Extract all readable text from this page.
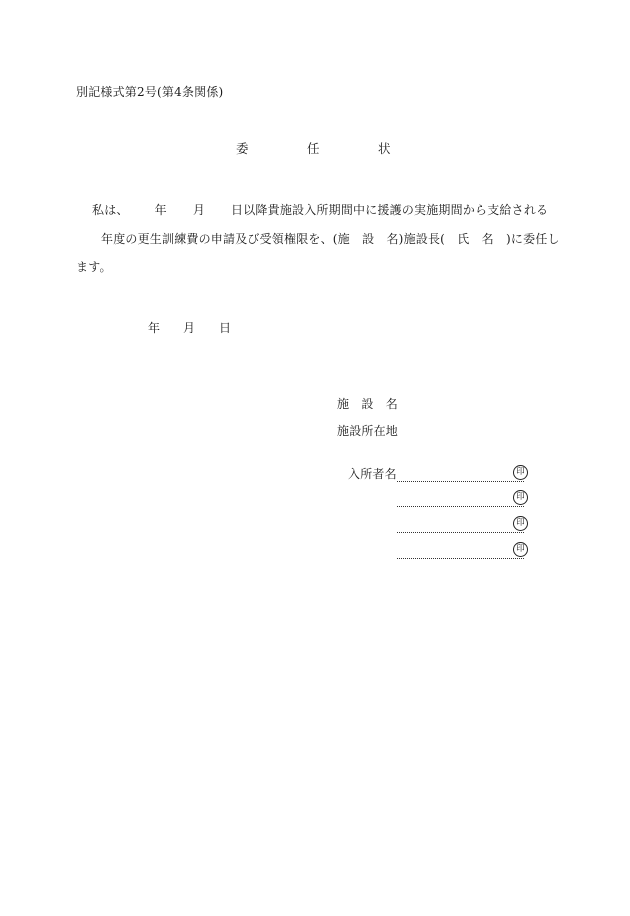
別記様式第2号(第4条関係)
委	任	状
私は、 年 月 日以降貴施設入所期間中に援護の実施期間から支給される
年度の更生訓練費の申請及び受領権限を、(施　設　名)施設長(　氏　名　)に委任し
ます。
年 月 日
施　設　名
施設所在地
入所者名	印
印
印
印
